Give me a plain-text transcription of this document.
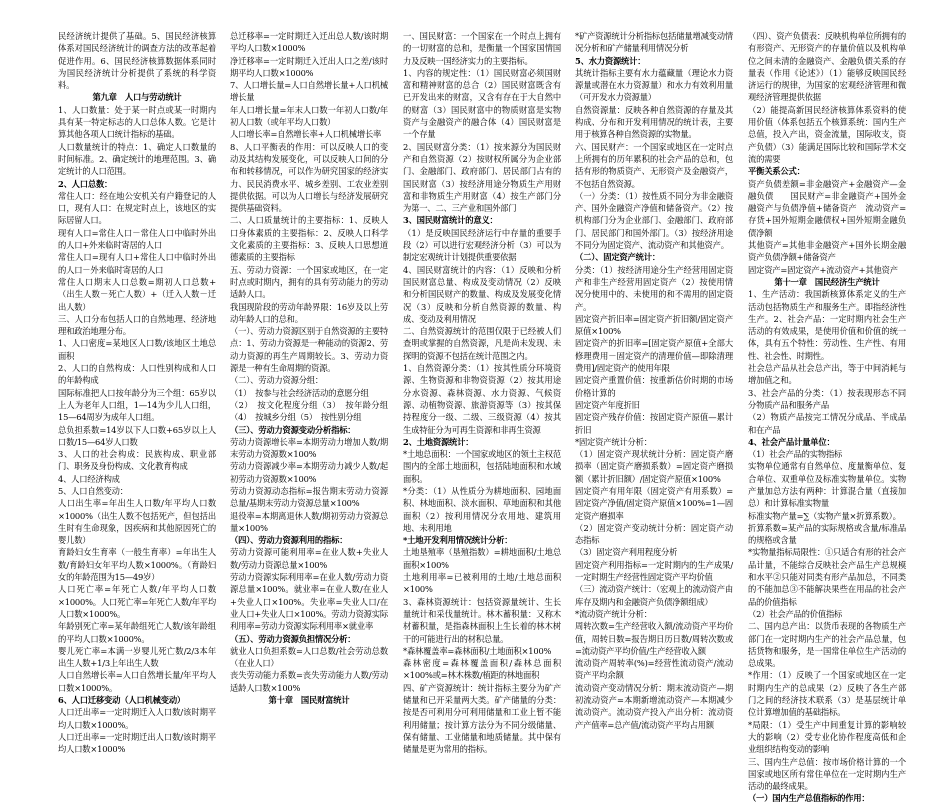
民经济统计提供了基础。5、国民经济核算体系对国民经济统计的调查方法的改革起着促进作用。6、国民经济核算数据体系同时为国民经济统计分析提供了系统的科学资料。

第九章　人口与劳动统计

1、人口数量：处于某一时点或某一时期内具有某一特定标志的人口总体人数。它是计算其他各项人口统计指标的基础。

人口数量统计的特点：1、确定人口数量的时间标准。2、确定统计的地理范围。3、确定统计的人口范围。

2、人口总数：

常住人口：经在地公安机关有户籍登记的人口，现有人口：在规定时点上，该地区的实际居留人口。

现有人口=常住人口－常住人口中临时外出的人口+外来临时寄居的人口

常住人口=现有人口+常住人口中临时外出的人口－外来临时寄居的人口

常住人口期末人口总数=期初人口总数+（出生人数－死亡人数）+（迁入人数－迁出人数）

三、人口分布包括人口的自然地理、经济地理和政治地理分布。

1、人口密度=某地区人口数/该地区土地总面积

2、人口的自然构成：人口性别构成和人口的年龄构成

国际标准把人口按年龄分为三个组：65岁以上人为老年人口组，1—14为少儿人口组，15—64周岁为成年人口组。

总负担系数=14岁以下人口数+65岁以上人口数/15—64岁人口数

3、人口的社会构成：民族构成、职业部门、职务及身份构成、文化教育构成

4、人口经济构成

5、人口自然变动：

人口出生率=年出生人口数/年平均人口数×1000%（出生人数不包括死产，但包括出生时有生命现象，因疾病和其他原因死亡的婴儿数）

育龄妇女生育率（一般生育率）=年出生人数/育龄妇女年平均人数×1000%。（育龄妇女的年龄范围为15—49岁）

人口死亡率=年死亡人数/年平均人口数×1000%。人口死亡率=年死亡人数/年平均人口数×1000%。

年龄别死亡率=某年龄组死亡人数/该年龄组的平均人口数×1000%。

婴儿死亡率=本满一岁婴儿死亡数/2/3本年出生人数+1/3上年出生人数

人口自然增长率=人口自然增长量/年平均人口数×1000%。

6、人口迁移变动（人口机械变动）

人口迁出率=一定时期迁入人口数/该时期平均人口数×1000%。

人口迁出率=一定时期迁出人口数/该时期平均人口数×1000%

总迁移率=一定时期迁入迁出总人数/该时期平均人口数×1000%

净迁移率=一定时期迁入迁出人口之差/该时期平均人口数×1000%

7、人口增长量=人口自然增长量+人口机械增长量

年人口增长量=年末人口数一年初人口数/年初人口数（或年平均人口数）

人口增长率=自然增长率+人口机械增长率

8、人口平衡表的作用：可以反映人口的变动及其结构发展变化，可以反映人口间的分布和转移情况，可以作为研究国家的经济实力、民民消费水平、城乡差别、工农业差别提供依据。可以为人口增长与经济发展研究提供基础资料。

二、人口质量统计的主要指标：1、反映人口身体素质的主要指标：2、反映人口科学文化素质的主要指标：3、反映人口思想道德素质的主要指标

五、劳动力资源：一个国家或地区，在一定时点或时期内，拥有的具有劳动能力的劳动适龄人口。

我国现阶段的劳动年龄界限：16岁及以上劳动年龄人口的总和。

（一）、劳动力资源区别于自然资源的主要特点：1、劳动力资源是一种能动的资源2、劳动力资源的再生产周期较长。3、劳动力资源是一种有生命周期的资源。

（二）、劳动力资源分组：

（1）　按参与社会经济活动的意愿分组

（2）　按文化程度分组（3）　按年龄分组（4）　按城乡分组（5）　按性别分组

（三）、劳动力资源变动分析指标：

劳动力资源增长率=本期劳动力增加人数/期末劳动力资源数×100%

劳动力资源减少率=本期劳动力减少人数/起初劳动力资源数×100%

劳动力资源动态指标=报告期末劳动力资源总量/基期末劳动力资源总量×100%

退役率=本期离退休人数/期初劳动力资源总量×100%

（四）、劳动力资源利用的指标：

劳动力资源可能利用率=在业人数+失业人数/劳动力资源总量×100%

劳动力资源实际利用率=在业人数/劳动力资源总量×100%。就业率=在业人数/在业人+失业人口×100%。失业率=失业人口/在业人口+失业人口×100%。劳动力资源实际利用率=劳动力资源实际利用率×就业率

（五）、劳动力资源负担情况分析：

就业人口负担系数=人口总数/社会劳动总数（在业人口）

丧失劳动能力系数=丧失劳动能力人数/劳动适龄人口数×100%

第十章　国民财富统计

一、国民财富：一个国家在一个时点上拥有的一切财富的总和，是衡量一个国家国情国力及反映一国经济实力的主要指标。

1、内容的规定性：（1）国民财富必须国财富和精神财富的总合（2）国民财富既含有已开发出来的财富，又含有存在于大自然中的财富（3）国民财富中的物质财富是实物资产与金融资产的融合体（4）国民财富是一个存量

2、国民财富分类：（1）按来源分为国民财产和自然资源（2）按财权所属分为企业部门、金融部门、政府部门、居民部门占有的国民财富（3）按经济用途分物质生产用财富和非物质生产用财富（4）按生产部门分为第一、二、三产业和国外部门

3、国民财富统计的意义：

（1）是反映国民经济运行中存量的重要手段（2）可以进行宏观经济分析（3）可以为制定宏观统计计划提供重要依据

4、国民财富统计的内容：（1）反映和分析国民财富总量、构成及变动情况（2）反映和分析国民财产的数量、构成及发展变化情况（3）反映和分析自然资源的数量、构成、变动及利用情况

二、自然资源统计的范围仅限于已经被人们查明或掌握的自然资源，凡是尚未发现、未探明的资源不包括在统计范围之内。

1、自然资源分类：（1）按其性质分环境资源、生物资源和非物资资源（2）按其用途分水资源、森林资源、水力资源、气候资源、动植物资源、旅游资源等（3）按其保持程度分一级、二级、三级资源（4）按其生成特征分为可再生资源和非再生资源

2、土地资源统计：

*土地总面积：一个国家或地区的领土主权范围内的全部土地面积，包括陆地面积和水域面积。

*分类：（1）从性质分为耕地面积、园地面积、林地面积、淡水面积、草地面积和其他面积（2）按利用情况分农用地、建筑用地、未利用地

*土地开发利用情况统计分析：

土地垦殖率（垦殖指数）=耕地面积/土地总面积×100%

土地利用率=已被利用的土地/土地总面积×100%

3、森林资源统计：包括资源量统计、生长量统计和采伐量统计。林木蓄积量：又称木材蓄积量，是指森林面积上生长着的林木树干的可能进行出的材积总量。

*森林覆盖率=森林面积/土地面积×100%

森林密度=森林覆盖面积/森林总面积×100%或=林木株数/植距的林地面积

四、矿产资源统计：统计指标主要分为矿产储量和已开采量两大类。矿产储量的分类：按是否可利用分可利用储量和工业上暂不能利用储量；按计算方法分为不同分级储量、保有储量、工业储量和地质储量。其中保有储量是更为常用的指标。

*矿产资源统计分析指标包括储量增减变动情况分析和矿产储量利用情况分析

5、水力资源统计：

其统计指标主要有水力蕴藏量（理论水力资源量或潜在水力资源量）和水力有效利用量（可开发水力资源量）

自然资源量：反映各种自然资源的存量及其构成、分布和开发利用情况的统计表，主要用于核算各种自然资源的实物量。

六、国民财产：一个国家或地区在一定时点上所拥有的历年累积的社会产品的总和，包括有形的物质资产、无形资产及金融资产，不包括自然资源。

（一）分类：（1）按性质不同分为非金融资产、国外金融资产净值和储备资产。（2）按机构部门分为企业部门、金融部门、政府部门、居民部门和国外部门。（3）按经济用途不同分为固定资产、流动资产和其他资产。

（二）、固定资产统计：

分类：（1）按经济用途分生产经营用固定资产和非生产经营用固定资产（2）按使用情况分使用中的、未使用的和不需用的固定资产。

固定资产折旧率=固定资产折旧额/固定资产原值×100%

固定资产的折旧率=[固定资产原值+全部大修理费用－固定资产的清理价值—即除清理费用]/固定资产的使用年限

固定资产重置价值：按重新估价时期的市场价格计算的

固定资产年度折旧

固定资产残存价值：按固定资产原值—累计折旧

*固定资产统计分析：

（1）固定资产现状统计分析：固定资产磨损率（固定资产磨损系数）=固定资产磨损额（累计折旧额）/固定资产原值×100%

固定资产有用年限（固定资产有用系数）=固定资产净值/固定资产原值×100%=1—固定资产磨损率

（2）固定资产变动统计分析：固定资产动态指标

（3）固定资产利用程度分析

固定资产利用指标=一定时期内的生产成果/一定时期生产经营性固定资产平均价值

（三）流动资产统计：（宏观上的流动资产由库存及期内和金融资产负债净额组成）

*流动资产统计分析：

周转次数=生产经营收入额/流动资产平均价值，周转日数=报告期日历日数/周转次数或=流动资产平均价值/生产经营收入额

流动资产周转率(%)=经营性流动资产/流动资产平均余额

流动资产变动情况分析：期末流动资产—期初流动资产=本期新增流动资产—本期减少流动资产。流动资产投入产出分析：流动资产产值率=总产值/流动资产平均占用额

（四）、资产负债表：反映机构单位所拥有的有形资产、无形资产的存量价值以及机构单位之间未清的金融资产、金融负债关系的存量表（作用《论述》）（1）能够反映国民经济运行的规律，为国家的宏观经济管理和微观经济管理提供依据

（2）能提高新国民经济核算体系资料的使用价值（体系包括五个核算系统：国内生产总值，投入产出，资金流量，国际收支，资产负债）（3）能满足国际比较和国际学术交流的需要

平衡关系公式：

资产负债差额=非金融资产+金融资产—金融负债　　国民财产=非金融资产+国外金融资产与负债净值+储备资产　流动资产=存货+国外短期金融债权+国外短期金融负债净额

其他资产=其他非金融资产+国外长期金融资产负债净额+储备资产

固定资产=固定资产+流动资产+其他资产

第十一章　国民经济生产统计

1、生产活动：我国新核算体系定义的生产活动包括物质生产和服务生产。即指经济性生产。2、社会产品：一定时期内社会生产活动的有效成果，是使用价值和价值的统一体，具有五个特性：劳动性、生产性、有用性、社会性、时期性。

社会总产品从社会总产出，等于中间消耗与增加值之和。

3、社会产品的分类：（1）按表现形态不同分物质产品和服务产品

（2）物质产品按完工情况分成品、半成品和在产品

4、社会产品计量单位：

（1）社会产品的实物指标

实物单位通常有自然单位、度量衡单位、复合单位、双重单位及标准实物量单位。实物产量加总方法有两种：计算混合量（直接加总）和计算标准实物量

标准实物产量=∑（实物产量×折算系数）。

折算系数=某产品的实际规格或含量/标准品的规格或含量

*实物量指标局限性：①只适合有形的社会产品计量，不能综合反映社会产品生产总规模和水平②只能对同类有形产品加总，不同类的不能加总③不能解决果些在用品的社会产品的价值指标

（2）社会产品的价值指标

二、国内总产出：以货币表现的各物质生产部门在一定时期内生产的社会产品总量，包括货物和服务，是一国常住单位生产活动的总成果。

*作用：（1）反映了一个国家或地区在一定时期内生产的总成果（2）反映了各生产部门之间的经济技术联系（3）是基层统计单位计算增加值的基础指标。

*局限：（1）受生产中间重复计算的影响较大的影响（2）受专业化协作程度高低和企业组织结构变动的影响

三、国内生产总值：按市场价格计算的一个国家或地区所有常住单位在一定时期内生产活动的最终成果。

（一）国内生产总值指标的作用：
